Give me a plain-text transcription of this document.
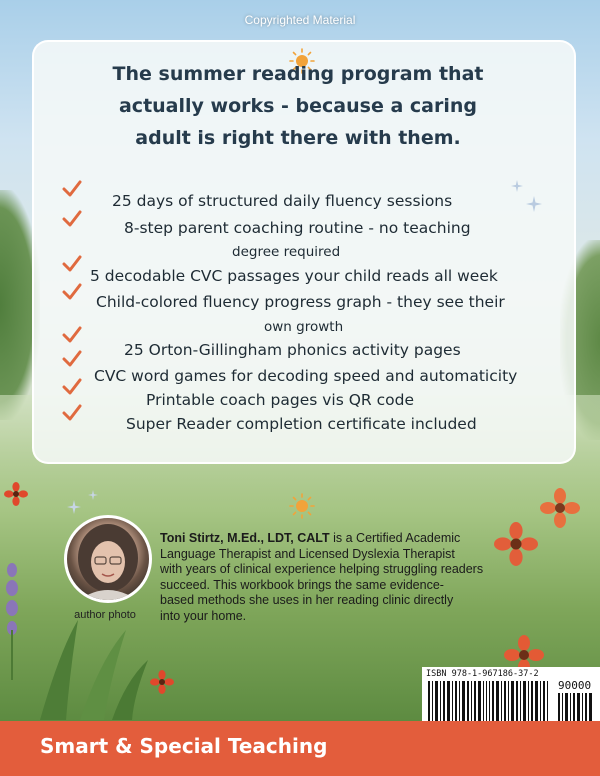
Copyrighted Material
The summer reading program that
actually works - because a caring
adult is right there with them.
25 days of structured daily fluency sessions
8-step parent coaching routine - no teaching
degree required
5 decodable CVC passages your child reads all week
Child-colored fluency progress graph - they see their
own growth
25 Orton-Gillingham phonics activity pages
CVC word games for decoding speed and automaticity
Printable coach pages vis QR code
Super Reader completion certificate included
author photo
Toni Stirtz, M.Ed., LDT, CALT is a Certified Academic
Language Therapist and Licensed Dyslexia Therapist
with years of clinical experience helping struggling readers
succeed. This workbook brings the same evidence-
based methods she uses in her reading clinic directly
into your home.
ISBN 978-1-967186-37-2
90000
Smart & Special Teaching
